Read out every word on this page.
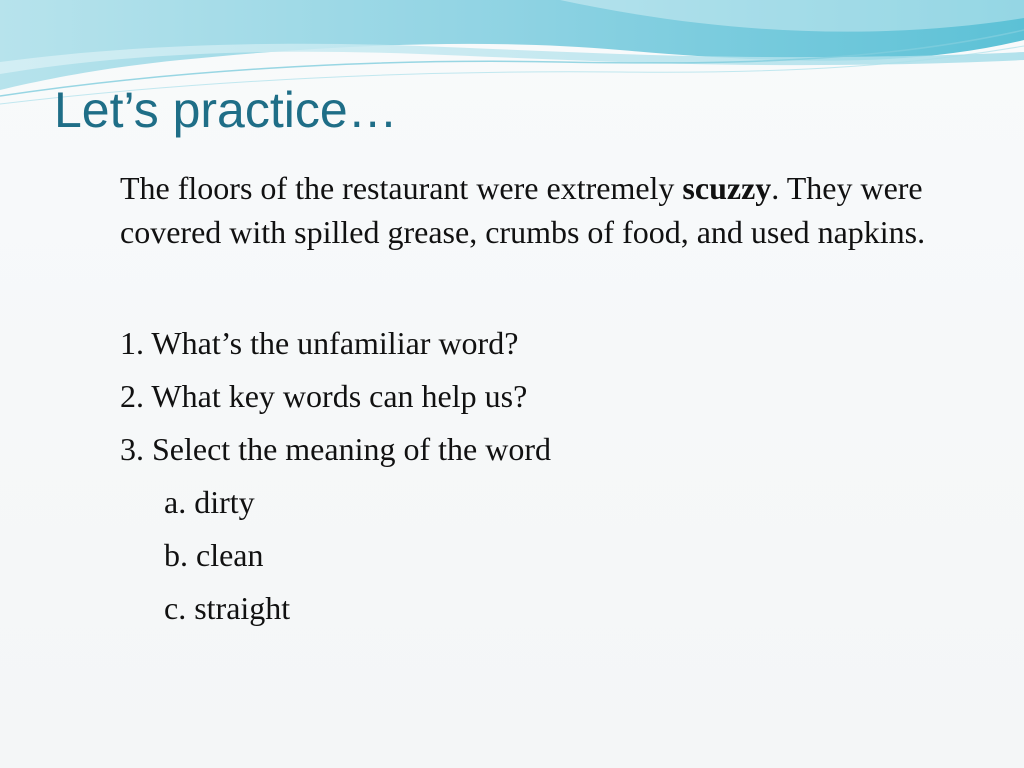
Let’s practice…

The floors of the restaurant were extremely scuzzy. They were covered with spilled grease, crumbs of food, and used napkins.

1. What’s the unfamiliar word?
2. What key words can help us?
3. Select the meaning of the word
a. dirty
b. clean
c. straight
